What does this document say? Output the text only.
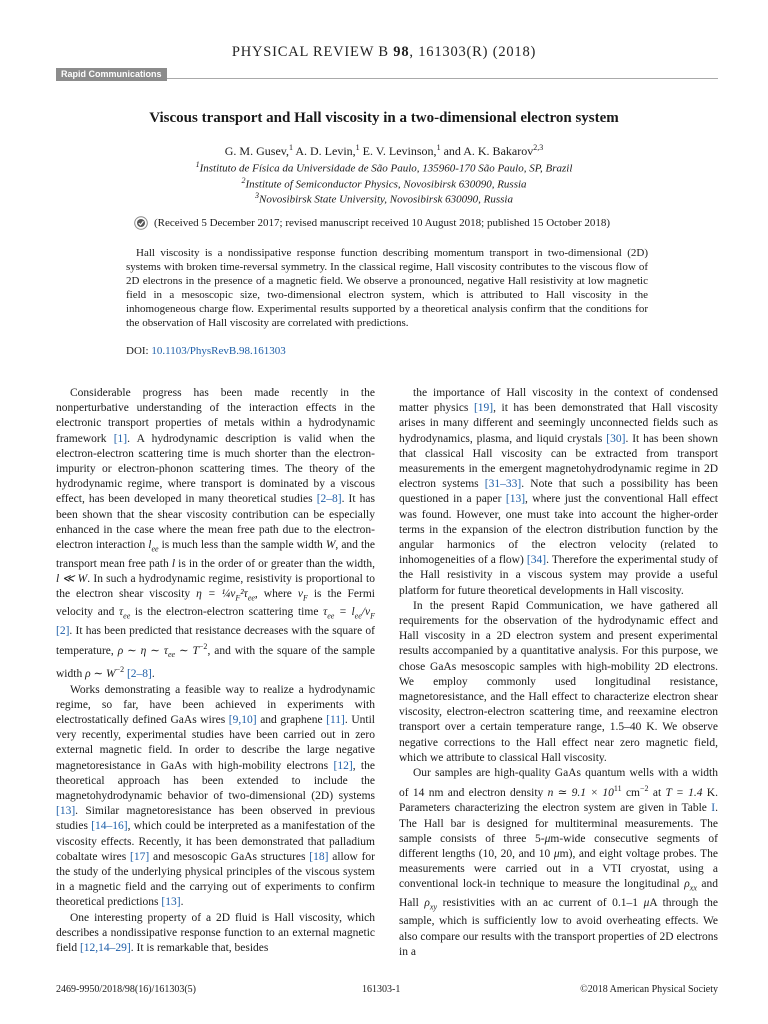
PHYSICAL REVIEW B 98, 161303(R) (2018)
Rapid Communications
Viscous transport and Hall viscosity in a two-dimensional electron system
G. M. Gusev,$^1$ A. D. Levin,$^1$ E. V. Levinson,$^1$ and A. K. Bakarov$^{2,3}$
$^1$Instituto de Física da Universidade de São Paulo, 135960-170 São Paulo, SP, Brazil
$^2$Institute of Semiconductor Physics, Novosibirsk 630090, Russia
$^3$Novosibirsk State University, Novosibirsk 630090, Russia
(Received 5 December 2017; revised manuscript received 10 August 2018; published 15 October 2018)
Hall viscosity is a nondissipative response function describing momentum transport in two-dimensional (2D) systems with broken time-reversal symmetry. In the classical regime, Hall viscosity contributes to the viscous flow of 2D electrons in the presence of a magnetic field. We observe a pronounced, negative Hall resistivity at low magnetic field in a mesoscopic size, two-dimensional electron system, which is attributed to Hall viscosity in the inhomogeneous charge flow. Experimental results supported by a theoretical analysis confirm that the conditions for the observation of Hall viscosity are correlated with predictions.
DOI: 10.1103/PhysRevB.98.161303

Considerable progress has been made recently in the nonperturbative understanding of the interaction effects in the electronic transport properties of metals within a hydrodynamic framework [1]. A hydrodynamic description is valid when the electron-electron scattering time is much shorter than the electron-impurity or electron-phonon scattering times. The theory of the hydrodynamic regime, where transport is dominated by a viscous effect, has been developed in many theoretical studies [2–8]. It has been shown that the shear viscosity contribution can be especially enhanced in the case where the mean free path due to the electron-electron interaction $l_{ee}$ is much less than the sample width W, and the transport mean free path l is in the order of or greater than the width, l ≪ W. In such a hydrodynamic regime, resistivity is proportional to the electron shear viscosity $\eta = \frac{1}{4}v_F^2\tau_{ee}$, where $v_F$ is the Fermi velocity and $\tau_{ee}$ is the electron-electron scattering time $\tau_{ee} = l_{ee}/v_F$ [2]. It has been predicted that resistance decreases with the square of temperature, ρ ∼ η ∼ $\tau_{ee}$ ∼ $T^{-2}$, and with the square of the sample width ρ ∼ $W^{-2}$ [2–8].

Works demonstrating a feasible way to realize a hydrodynamic regime, so far, have been achieved in experiments with electrostatically defined GaAs wires [9,10] and graphene [11]. Until very recently, experimental studies have been carried out in zero external magnetic field. In order to describe the large negative magnetoresistance in GaAs with high-mobility electrons [12], the theoretical approach has been extended to include the magnetohydrodynamic behavior of two-dimensional (2D) systems [13]. Similar magnetoresistance has been observed in previous studies [14–16], which could be interpreted as a manifestation of the viscosity effects. Recently, it has been demonstrated that palladium cobaltate wires [17] and mesoscopic GaAs structures [18] allow for the study of the underlying physical principles of the viscous system in a magnetic field and the carrying out of experiments to confirm theoretical predictions [13].

One interesting property of a 2D fluid is Hall viscosity, which describes a nondissipative response function to an external magnetic field [12,14–29]. It is remarkable that, besides

the importance of Hall viscosity in the context of condensed matter physics [19], it has been demonstrated that Hall viscosity arises in many different and seemingly unconnected fields such as hydrodynamics, plasma, and liquid crystals [30]. It has been shown that classical Hall viscosity can be extracted from transport measurements in the emergent magnetohydrodynamic regime in 2D electron systems [31–33]. Note that such a possibility has been questioned in a paper [13], where just the conventional Hall effect was found. However, one must take into account the higher-order terms in the expansion of the electron distribution function by the angular harmonics of the electron velocity (related to inhomogeneities of a flow) [34]. Therefore the experimental study of the Hall resistivity in a viscous system may provide a useful platform for future theoretical developments in Hall viscosity.

In the present Rapid Communication, we have gathered all requirements for the observation of the hydrodynamic effect and Hall viscosity in a 2D electron system and present experimental results accompanied by a quantitative analysis. For this purpose, we chose GaAs mesoscopic samples with high-mobility 2D electrons. We employ commonly used longitudinal resistance, magnetoresistance, and the Hall effect to characterize electron shear viscosity, electron-electron scattering time, and reexamine electron transport over a certain temperature range, 1.5–40 K. We observe negative corrections to the Hall effect near zero magnetic field, which we attribute to classical Hall viscosity.

Our samples are high-quality GaAs quantum wells with a width of 14 nm and electron density n ≃ $9.1 \times 10^{11}$ $cm^{-2}$ at T = 1.4 K. Parameters characterizing the electron system are given in Table I. The Hall bar is designed for multiterminal measurements. The sample consists of three 5-μm-wide consecutive segments of different lengths (10, 20, and 10 μm), and eight voltage probes. The measurements were carried out in a VTI cryostat, using a conventional lock-in technique to measure the longitudinal $\rho_{xx}$ and Hall $\rho_{xy}$ resistivities with an ac current of 0.1–1 μA through the sample, which is sufficiently low to avoid overheating effects. We also compare our results with the transport properties of 2D electrons in a

2469-9950/2018/98(16)/161303(5)	161303-1	©2018 American Physical Society
